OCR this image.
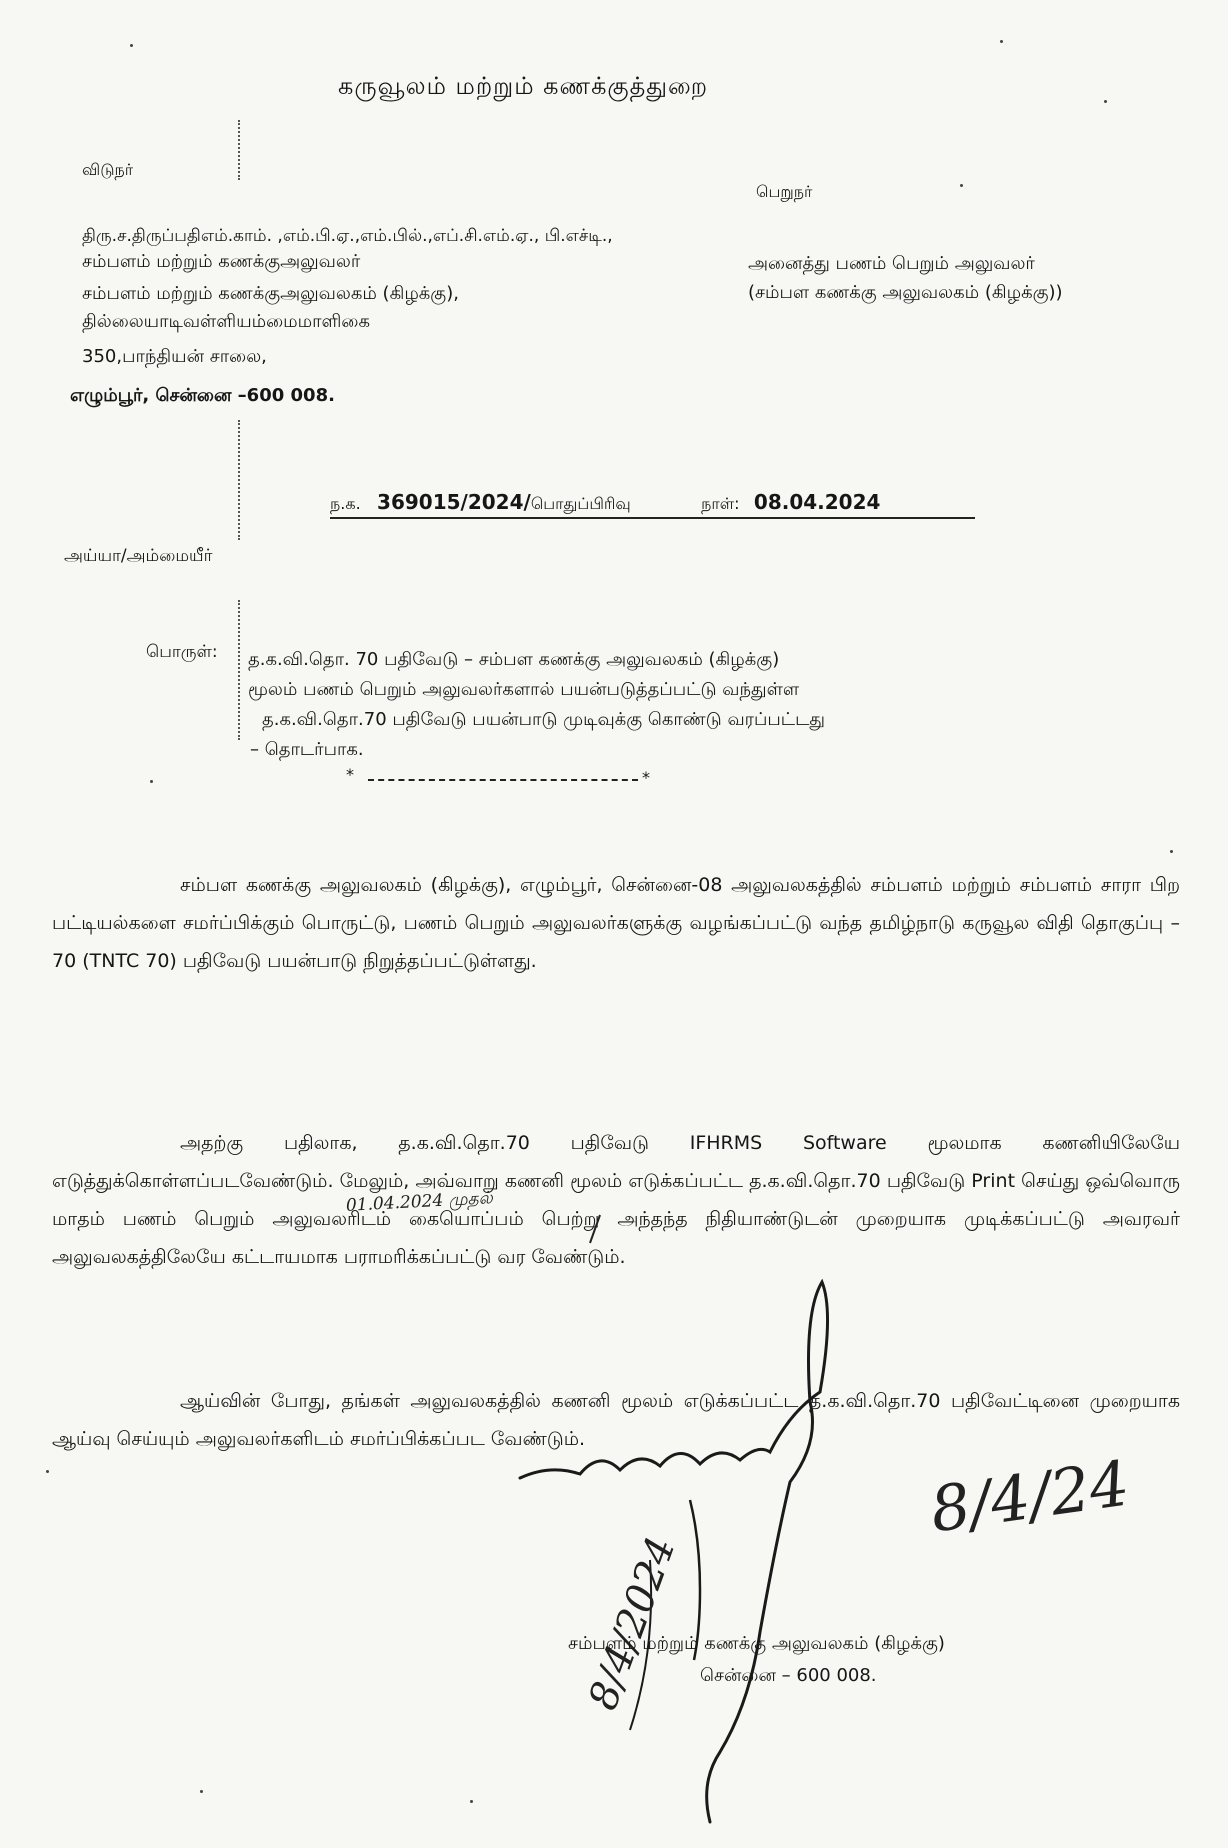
கருவூலம் மற்றும் கணக்குத்துறை
விடுநர்
திரு.ச.திருப்பதிஎம்.காம். ,எம்.பி.ஏ.,எம்.பில்.,எப்.சி.எம்.ஏ., பி.எச்டி.,
சம்பளம் மற்றும் கணக்குஅலுவலர்
சம்பளம் மற்றும் கணக்குஅலுவலகம் (கிழக்கு),
தில்லையாடிவள்ளியம்மைமாளிகை
350,பாந்தியன் சாலை,
எழும்பூர், சென்னை –600 008.
பெறுநர்
அனைத்து பணம் பெறும் அலுவலர்
(சம்பள கணக்கு அலுவலகம் (கிழக்கு))
ந.க. 369015/2024/பொதுப்பிரிவு	நாள்: 08.04.2024
அய்யா/அம்மையீர்
பொருள்: த.க.வி.தொ. 70 பதிவேடு – சம்பள கணக்கு அலுவலகம் (கிழக்கு)
மூலம் பணம் பெறும் அலுவலர்களால் பயன்படுத்தப்பட்டு வந்துள்ள
த.க.வி.தொ.70 பதிவேடு பயன்பாடு முடிவுக்கு கொண்டு வரப்பட்டது
– தொடர்பாக.
*	*
சம்பள கணக்கு அலுவலகம் (கிழக்கு), எழும்பூர், சென்னை-08 அலுவலகத்தில் சம்பளம் மற்றும் சம்பளம் சாரா பிற பட்டியல்களை சமர்ப்பிக்கும் பொருட்டு, பணம் பெறும் அலுவலர்களுக்கு வழங்கப்பட்டு வந்த தமிழ்நாடு கருவூல விதி தொகுப்பு – 70 (TNTC 70) பதிவேடு பயன்பாடு நிறுத்தப்பட்டுள்ளது.
அதற்கு பதிலாக, த.க.வி.தொ.70 பதிவேடு IFHRMS Software மூலமாக கணனியிலேயே எடுத்துக்கொள்ளப்படவேண்டும். மேலும், அவ்வாறு கணனி மூலம் எடுக்கப்பட்ட த.க.வி.தொ.70 பதிவேடு Print செய்து ஒவ்வொரு மாதம் பணம் பெறும் அலுவலரிடம் கையொப்பம் பெற்று அந்தந்த நிதியாண்டுடன் முறையாக முடிக்கப்பட்டு அவரவர் அலுவலகத்திலேயே கட்டாயமாக பராமரிக்கப்பட்டு வர வேண்டும்.
ஆய்வின் போது, தங்கள் அலுவலகத்தில் கணனி மூலம் எடுக்கப்பட்ட த.க.வி.தொ.70 பதிவேட்டினை முறையாக ஆய்வு செய்யும் அலுவலர்களிடம் சமர்ப்பிக்கப்பட வேண்டும்.
01.04.2024 முதல்
8/4/24
8/4/2024
சம்பளம் மற்றும் கணக்கு அலுவலகம் (கிழக்கு)
சென்னை – 600 008.
